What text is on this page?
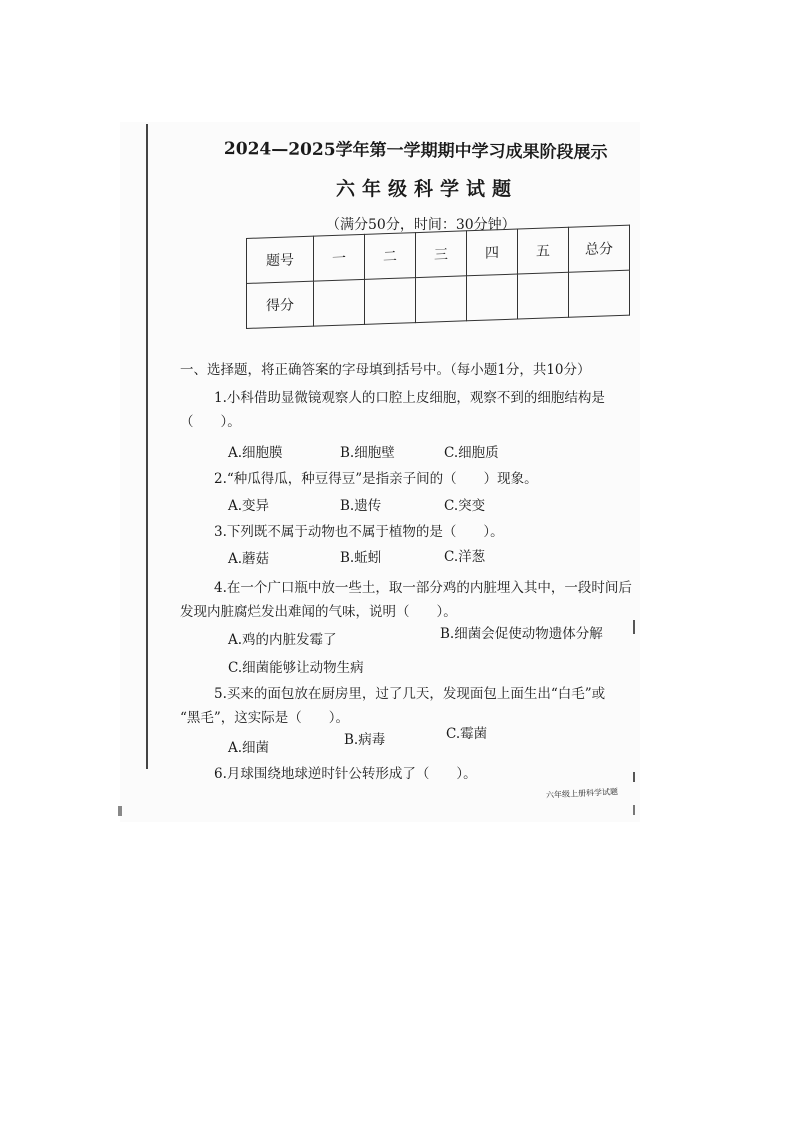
2024—2025学年第一学期期中学习成果阶段展示
六年级科学试题
（满分50分，时间：30分钟）
题号	一	二	三	四	五	总分
得分						
一、选择题，将正确答案的字母填到括号中。（每小题1分，共10分）
1.小科借助显微镜观察人的口腔上皮细胞，观察不到的细胞结构是
（　　）。
A.细胞膜	B.细胞壁	C.细胞质
2.“种瓜得瓜，种豆得豆”是指亲子间的（　　）现象。
A.变异	B.遗传	C.突变
3.下列既不属于动物也不属于植物的是（　　）。
A.蘑菇	B.蚯蚓	C.洋葱
4.在一个广口瓶中放一些土，取一部分鸡的内脏埋入其中，一段时间后
发现内脏腐烂发出难闻的气味，说明（　　）。
A.鸡的内脏发霉了	B.细菌会促使动物遗体分解
C.细菌能够让动物生病
5.买来的面包放在厨房里，过了几天，发现面包上面生出“白毛”或
“黑毛”，这实际是（　　）。
A.细菌	B.病毒	C.霉菌
6.月球围绕地球逆时针公转形成了（　　）。
六年级上册科学试题
